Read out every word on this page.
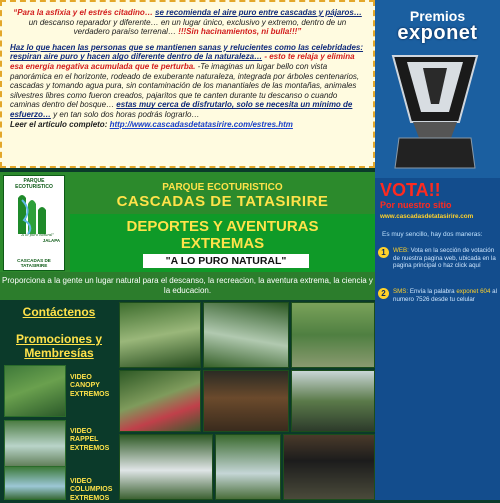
“Para la asfixia y el estrés citadino… se recomienda el aire puro entre cascadas y pájaros… un descanso reparador y diferente… en un lugar único, exclusivo y extremo, dentro de un verdadero paraíso terrenal… !!!Sin hacinamientos, ni bulla!!!”

Haz lo que hacen las personas que se mantienen sanas y relucientes como las celebridades: respiran aire puro y hacen algo diferente dentro de la naturaleza… - esto te relaja y elimina esa energía negativa acumulada que te perturba. -Te imaginas un lugar bello con vista panorámica en el horizonte, rodeado de exuberante naturaleza, integrada por árboles centenarios, cascadas y tomando agua pura, sin contaminación de los manantiales de las montañas, animales silvestres libres como fueron creados, pajaritos que te canten durante tu descanso o cuando caminas dentro del bosque… estas muy cerca de disfrutarlo, solo se necesita un mínimo de esfuerzo… y en tan solo dos horas podrás lograrlo…
Leer el artículo completo: http://www.cascadasdetatasirire.com/estres.htm

PARQUE ECOTURISTICO
“A lo puro natural”
JALAPA
CASCADAS DE TATASIRIRE
PARQUE ECOTURISTICO
CASCADAS DE TATASIRIRE
DEPORTES Y AVENTURAS
EXTREMAS
"A LO PURO NATURAL"
Proporciona a la gente un lugar natural para el descanso, la recreacion, la aventura extrema, la ciencia y la educacion.
Contáctenos
Promociones y Membresías
VIDEO
CANOPY
EXTREMOS
VIDEO
RAPPEL
EXTREMOS
VIDEO
COLUMPIOS
EXTREMOS
Premios
exponet
VOTA!!
Por nuestro sitio
www.cascadasdetatasirire.com
Es muy sencillo, hay dos maneras:
1	WEB: Vota en la sección de votación de nuestra pagina web, ubicada en la pagina principal o haz click aquí
2	SMS: Envía la palabra exponet 604 al numero 7526 desde tu celular
